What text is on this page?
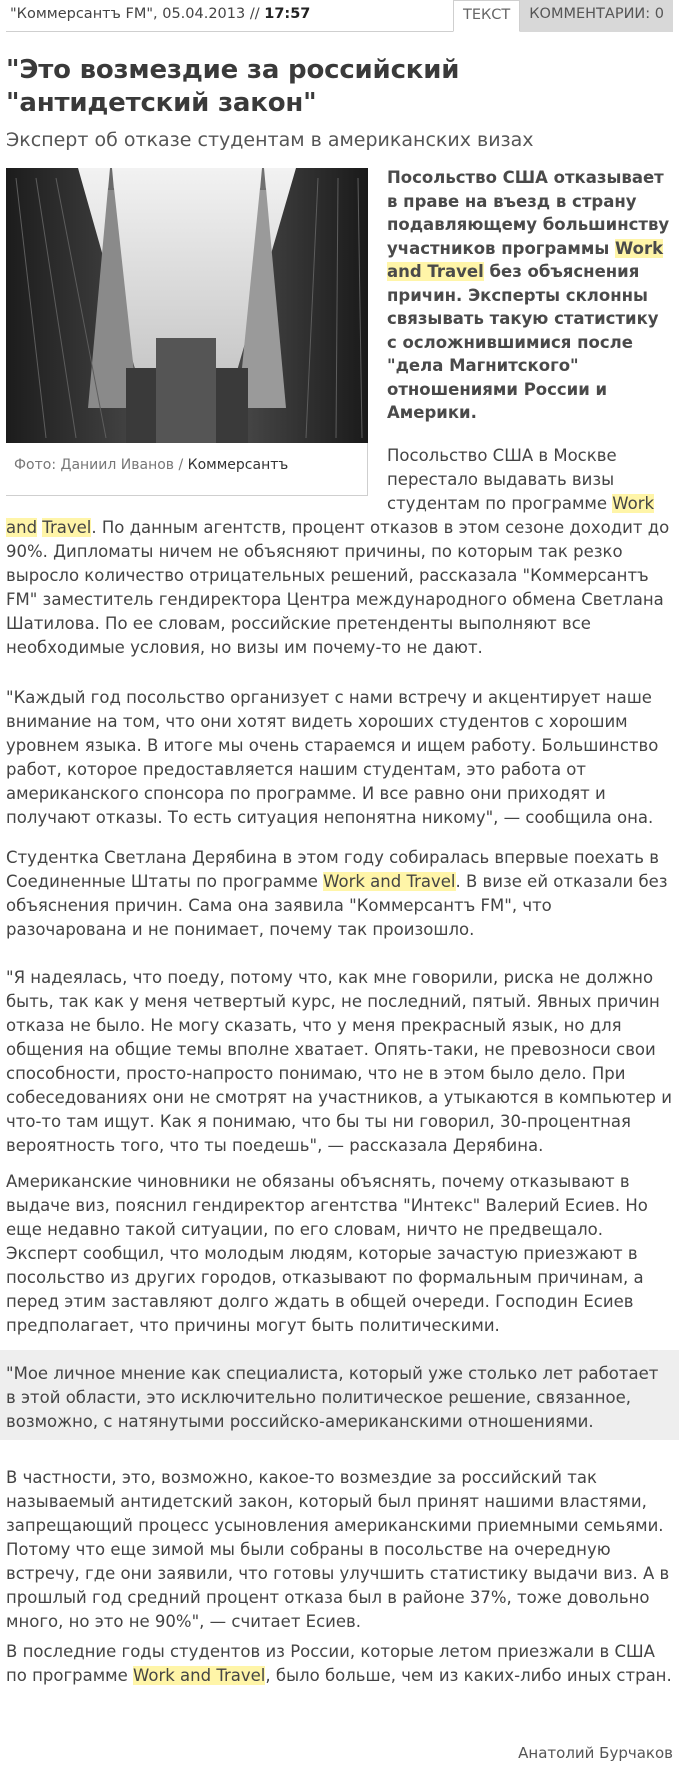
"Коммерсантъ FM", 05.04.2013 // 17:57	ТЕКСТ	КОММЕНТАРИИ: 0
"Это возмездие за российский "антидетский закон"
Эксперт об отказе студентам в американских визах
Фото: Даниил Иванов / Коммерсантъ
Посольство США отказывает в праве на въезд в страну подавляющему большинству участников программы Work and Travel без объяснения причин. Эксперты склонны связывать такую статистику с осложнившимися после "дела Магнитского" отношениями России и Америки.
Посольство США в Москве перестало выдавать визы студентам по программе Work
and Travel. По данным агентств, процент отказов в этом сезоне доходит до 90%. Дипломаты ничем не объясняют причины, по которым так резко выросло количество отрицательных решений, рассказала "Коммерсантъ FM" заместитель гендиректора Центра международного обмена Светлана Шатилова. По ее словам, российские претенденты выполняют все необходимые условия, но визы им почему-то не дают.
"Каждый год посольство организует с нами встречу и акцентирует наше внимание на том, что они хотят видеть хороших студентов с хорошим уровнем языка. В итоге мы очень стараемся и ищем работу. Большинство работ, которое предоставляется нашим студентам, это работа от американского спонсора по программе. И все равно они приходят и получают отказы. То есть ситуация непонятна никому", — сообщила она.
Студентка Светлана Дерябина в этом году собиралась впервые поехать в Соединенные Штаты по программе Work and Travel. В визе ей отказали без объяснения причин. Сама она заявила "Коммерсантъ FM", что разочарована и не понимает, почему так произошло.
"Я надеялась, что поеду, потому что, как мне говорили, риска не должно быть, так как у меня четвертый курс, не последний, пятый. Явных причин отказа не было. Не могу сказать, что у меня прекрасный язык, но для общения на общие темы вполне хватает. Опять-таки, не превозноси свои способности, просто-напросто понимаю, что не в этом было дело. При собеседованиях они не смотрят на участников, а утыкаются в компьютер и что-то там ищут. Как я понимаю, что бы ты ни говорил, 30-процентная вероятность того, что ты поедешь", — рассказала Дерябина.
Американские чиновники не обязаны объяснять, почему отказывают в выдаче виз, пояснил гендиректор агентства "Интекс" Валерий Есиев. Но еще недавно такой ситуации, по его словам, ничто не предвещало. Эксперт сообщил, что молодым людям, которые зачастую приезжают в посольство из других городов, отказывают по формальным причинам, а перед этим заставляют долго ждать в общей очереди. Господин Есиев предполагает, что причины могут быть политическими.
"Мое личное мнение как специалиста, который уже столько лет работает в этой области, это исключительно политическое решение, связанное, возможно, с натянутыми российско-американскими отношениями.
В частности, это, возможно, какое-то возмездие за российский так называемый антидетский закон, который был принят нашими властями, запрещающий процесс усыновления американскими приемными семьями. Потому что еще зимой мы были собраны в посольстве на очередную встречу, где они заявили, что готовы улучшить статистику выдачи виз. А в прошлый год средний процент отказа был в районе 37%, тоже довольно много, но это не 90%", — считает Есиев.
В последние годы студентов из России, которые летом приезжали в США по программе Work and Travel, было больше, чем из каких-либо иных стран.
Анатолий Бурчаков
